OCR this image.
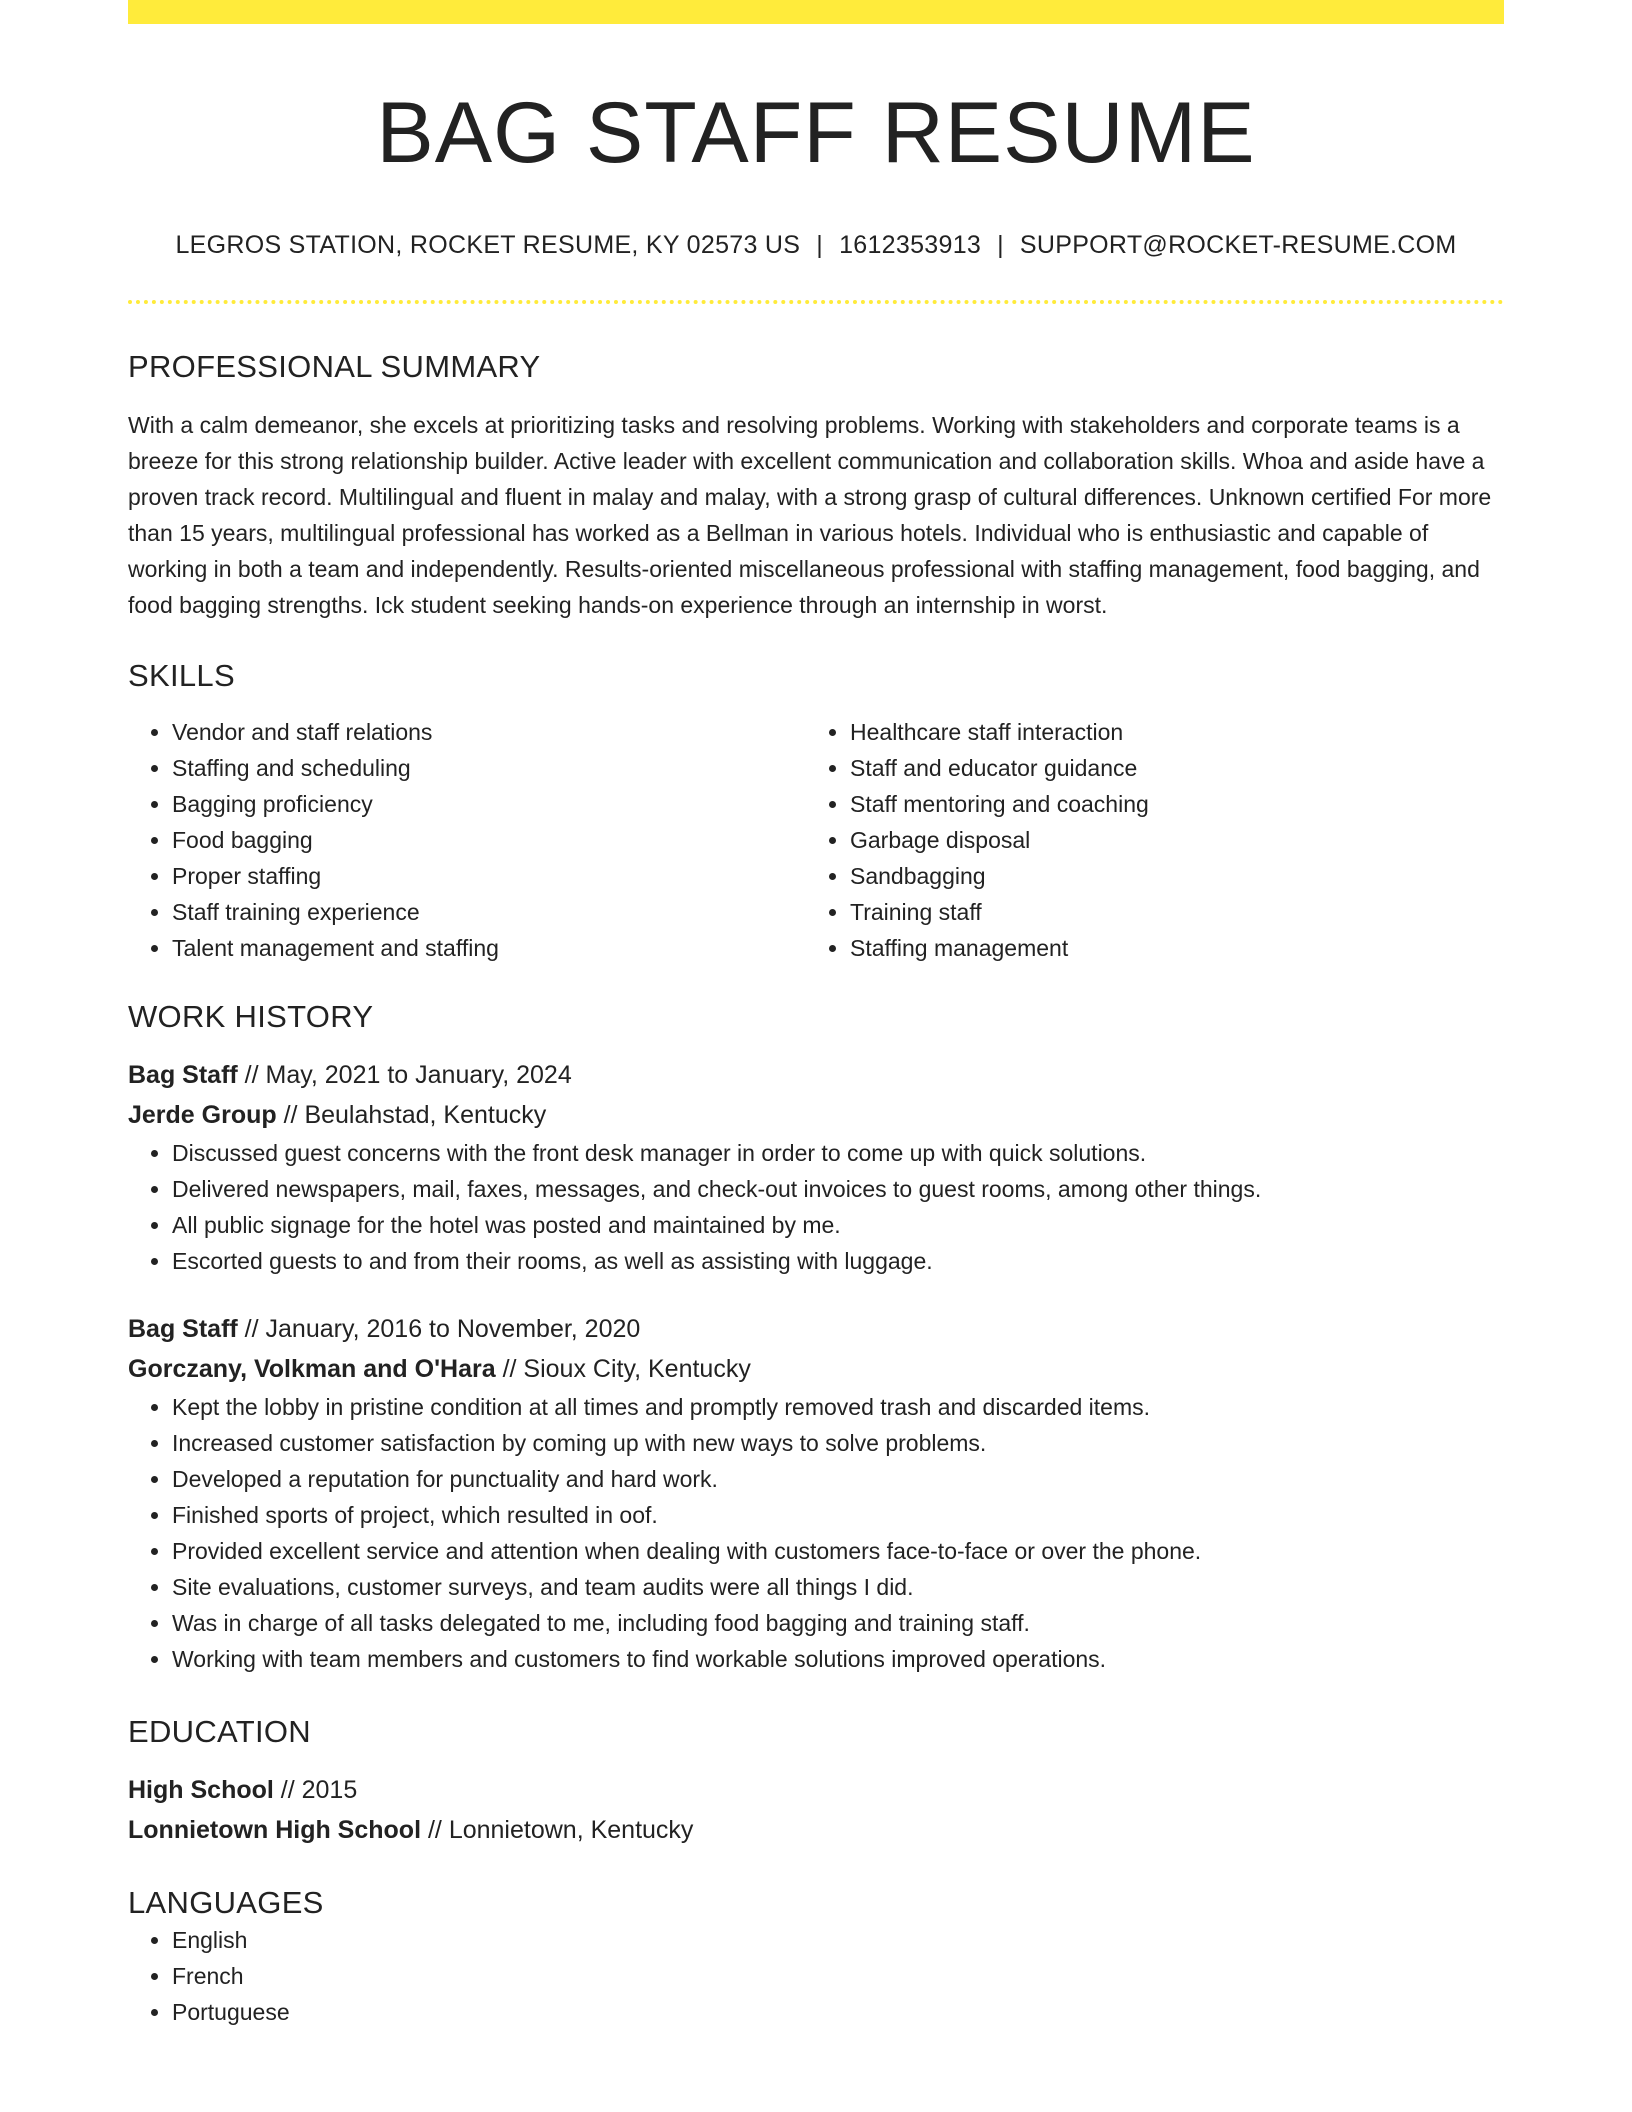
BAG STAFF RESUME
LEGROS STATION, ROCKET RESUME, KY 02573 US | 1612353913 | SUPPORT@ROCKET-RESUME.COM
PROFESSIONAL SUMMARY

With a calm demeanor, she excels at prioritizing tasks and resolving problems. Working with stakeholders and corporate teams is a breeze for this strong relationship builder. Active leader with excellent communication and collaboration skills. Whoa and aside have a proven track record. Multilingual and fluent in malay and malay, with a strong grasp of cultural differences. Unknown certified For more than 15 years, multilingual professional has worked as a Bellman in various hotels. Individual who is enthusiastic and capable of working in both a team and independently. Results-oriented miscellaneous professional with staffing management, food bagging, and food bagging strengths. Ick student seeking hands-on experience through an internship in worst.

SKILLS
• Vendor and staff relations
• Staffing and scheduling
• Bagging proficiency
• Food bagging
• Proper staffing
• Staff training experience
• Talent management and staffing
• Healthcare staff interaction
• Staff and educator guidance
• Staff mentoring and coaching
• Garbage disposal
• Sandbagging
• Training staff
• Staffing management
WORK HISTORY
Bag Staff // May, 2021 to January, 2024
Jerde Group // Beulahstad, Kentucky
• Discussed guest concerns with the front desk manager in order to come up with quick solutions.
• Delivered newspapers, mail, faxes, messages, and check-out invoices to guest rooms, among other things.
• All public signage for the hotel was posted and maintained by me.
• Escorted guests to and from their rooms, as well as assisting with luggage.
Bag Staff // January, 2016 to November, 2020
Gorczany, Volkman and O'Hara // Sioux City, Kentucky
• Kept the lobby in pristine condition at all times and promptly removed trash and discarded items.
• Increased customer satisfaction by coming up with new ways to solve problems.
• Developed a reputation for punctuality and hard work.
• Finished sports of project, which resulted in oof.
• Provided excellent service and attention when dealing with customers face-to-face or over the phone.
• Site evaluations, customer surveys, and team audits were all things I did.
• Was in charge of all tasks delegated to me, including food bagging and training staff.
• Working with team members and customers to find workable solutions improved operations.
EDUCATION
High School // 2015
Lonnietown High School // Lonnietown, Kentucky
LANGUAGES
• English
• French
• Portuguese
